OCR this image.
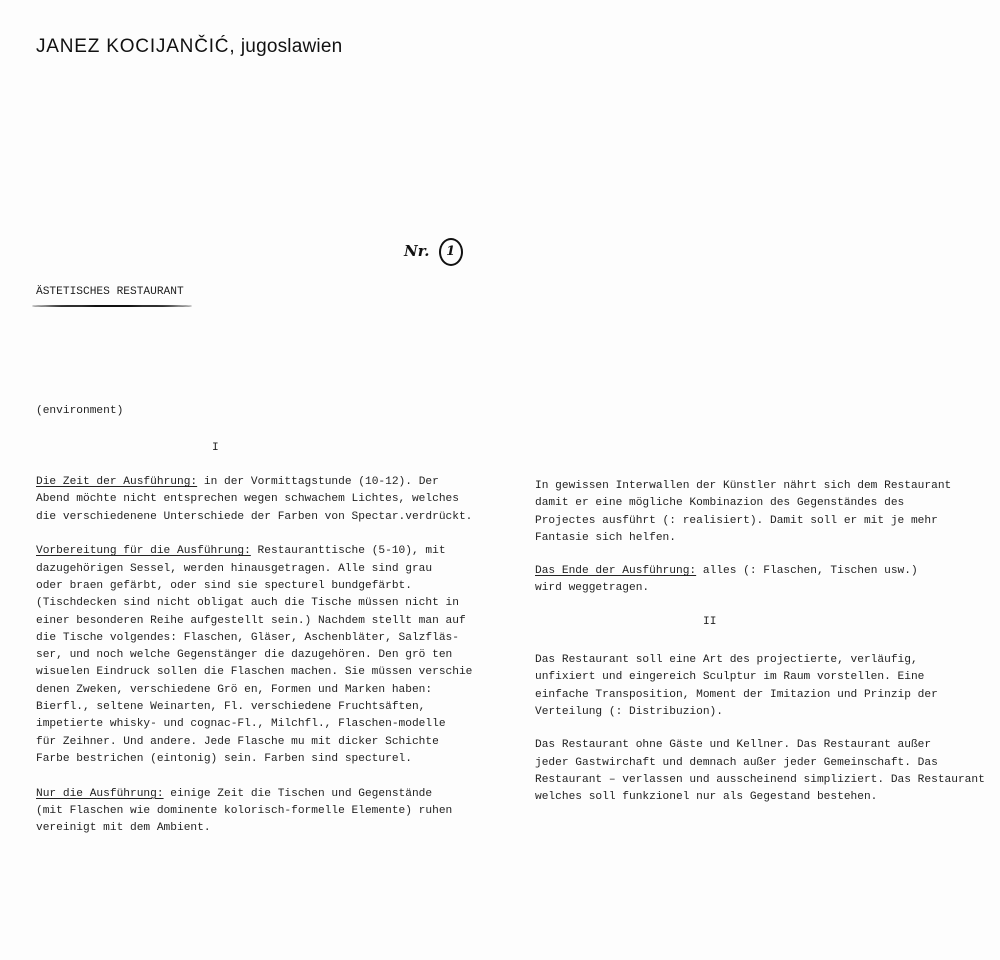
JANEZ KOCIJANČIĆ, jugoslawien
Nr. 1
ÄSTETISCHES RESTAURANT
(environment)
I

Die Zeit der Ausführung: in der Vormittagstunde (10-12). Der
Abend möchte nicht entsprechen wegen schwachem Lichtes, welches
die verschiedenene Unterschiede der Farben von Spectar.verdrückt.

Vorbereitung für die Ausführung: Restauranttische (5-10), mit
dazugehörigen Sessel, werden hinausgetragen. Alle sind grau
oder braen gefärbt, oder sind sie specturel bundgefärbt.
(Tischdecken sind nicht obligat auch die Tische müssen nicht in
einer besonderen Reihe aufgestellt sein.) Nachdem stellt man auf
die Tische volgendes: Flaschen, Gläser, Aschenbläter, Salzfläs-
ser, und noch welche Gegenstänger die dazugehören. Den grö ten
wisuelen Eindruck sollen die Flaschen machen. Sie müssen verschie
denen Zweken, verschiedene Grö en, Formen und Marken haben:
Bierfl., seltene Weinarten, Fl. verschiedene Fruchtsäften,
impetierte whisky- und cognac-Fl., Milchfl., Flaschen-modelle
für Zeihner. Und andere. Jede Flasche mu mit dicker Schichte
Farbe bestrichen (eintonig) sein. Farben sind specturel.

Nur die Ausführung: einige Zeit die Tischen und Gegenstände
(mit Flaschen wie dominente kolorisch-formelle Elemente) ruhen
vereinigt mit dem Ambient.

In gewissen Interwallen der Künstler nährt sich dem Restaurant
damit er eine mögliche Kombinazion des Gegenständes des
Projectes ausführt (: realisiert). Damit soll er mit je mehr
Fantasie sich helfen.

Das Ende der Ausführung: alles (: Flaschen, Tischen usw.)
wird weggetragen.

II

Das Restaurant soll eine Art des projectierte, verläufig,
unfixiert und eingereich Sculptur im Raum vorstellen. Eine
einfache Transposition, Moment der Imitazion und Prinzip der
Verteilung (: Distribuzion).

Das Restaurant ohne Gäste und Kellner. Das Restaurant außer
jeder Gastwirchaft und demnach außer jeder Gemeinschaft. Das
Restaurant – verlassen und ausscheinend simpliziert. Das Restaurant
welches soll funkzionel nur als Gegestand bestehen.
